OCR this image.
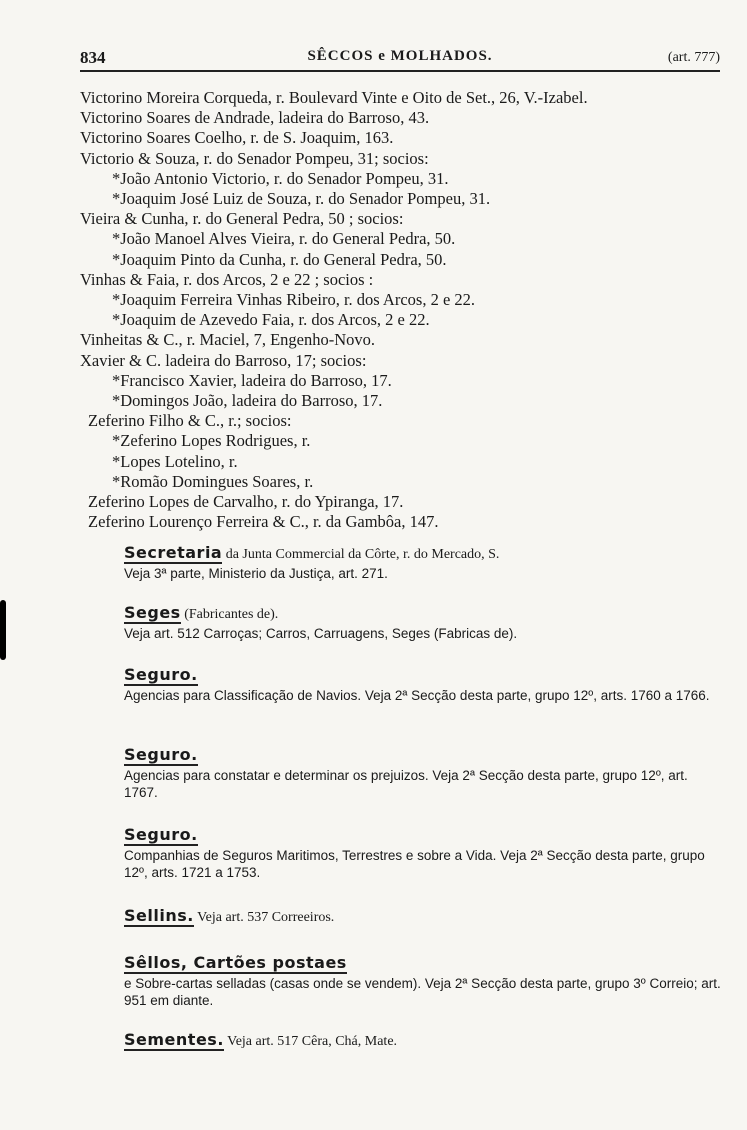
834	SÊCCOS e MOLHADOS.	(art. 777)
Victorino Moreira Corqueda, r. Boulevard Vinte e Oito de Set., 26, V.-Izabel.
Victorino Soares de Andrade, ladeira do Barroso, 43.
Victorino Soares Coelho, r. de S. Joaquim, 163.
Victorio & Souza, r. do Senador Pompeu, 31; socios:
*João Antonio Victorio, r. do Senador Pompeu, 31.
*Joaquim José Luiz de Souza, r. do Senador Pompeu, 31.
Vieira & Cunha, r. do General Pedra, 50 ; socios:
*João Manoel Alves Vieira, r. do General Pedra, 50.
*Joaquim Pinto da Cunha, r. do General Pedra, 50.
Vinhas & Faia, r. dos Arcos, 2 e 22 ; socios :
*Joaquim Ferreira Vinhas Ribeiro, r. dos Arcos, 2 e 22.
*Joaquim de Azevedo Faia, r. dos Arcos, 2 e 22.
Vinheitas & C., r. Maciel, 7, Engenho-Novo.
Xavier & C. ladeira do Barroso, 17; socios:
*Francisco Xavier, ladeira do Barroso, 17.
*Domingos João, ladeira do Barroso, 17.
Zeferino Filho & C., r.; socios:
*Zeferino Lopes Rodrigues, r.
*Lopes Lotelino, r.
*Romão Domingues Soares, r.
Zeferino Lopes de Carvalho, r. do Ypiranga, 17.
Zeferino Lourenço Ferreira & C., r. da Gambôa, 147.
Secretaria da Junta Commercial da Côrte, r. do Mercado, S.
Veja 3ª parte, Ministerio da Justiça, art. 271.
Seges (Fabricantes de).
Veja art. 512 Carroças; Carros, Carruagens, Seges (Fabricas de).
Seguro.
Agencias para Classificação de Navios. Veja 2ª Secção desta parte, grupo 12º, arts. 1760 a 1766.
Seguro.
Agencias para constatar e determinar os prejuizos. Veja 2ª Secção desta parte, grupo 12º, art. 1767.
Seguro.
Companhias de Seguros Maritimos, Terrestres e sobre a Vida. Veja 2ª Secção desta parte, grupo 12º, arts. 1721 a 1753.
Sellins. Veja art. 537 Correeiros.
Sêllos, Cartões postaes
e Sobre-cartas selladas (casas onde se vendem). Veja 2ª Secção desta parte, grupo 3º Correio; art. 951 em diante.
Sementes. Veja art. 517 Cêra, Chá, Mate.
